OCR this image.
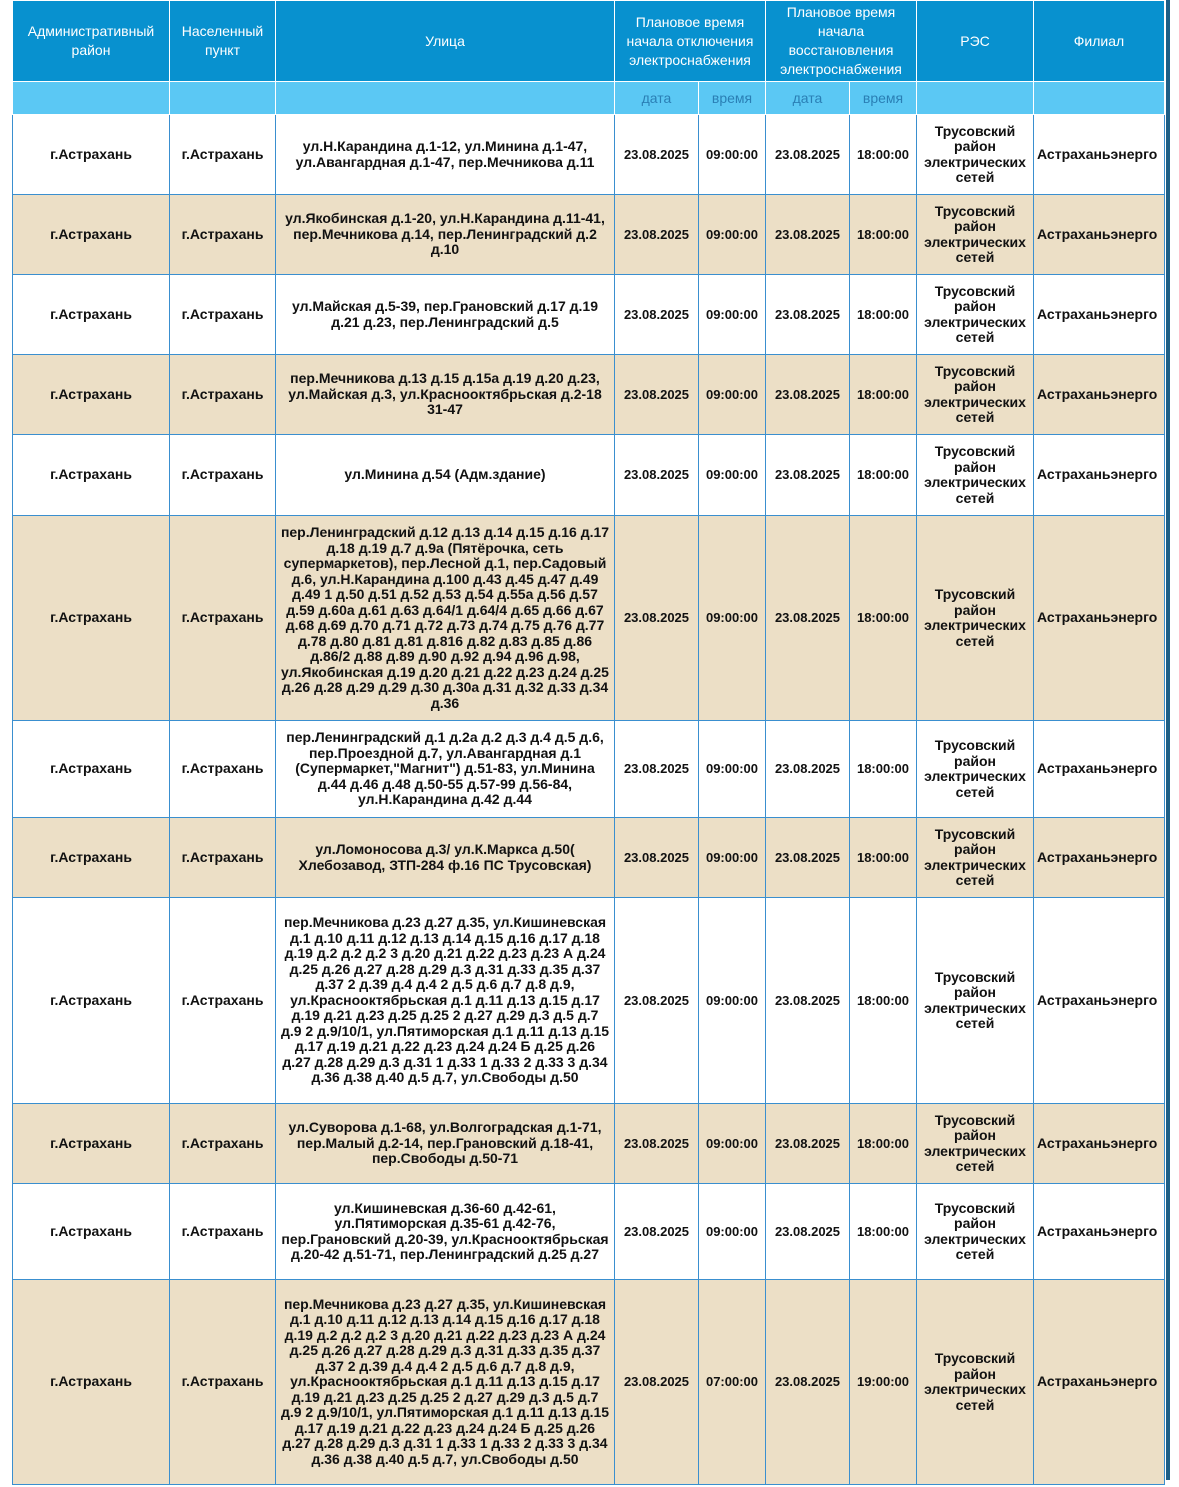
Административный район	Населенный пункт	Улица	Плановое время начала отключения электроснабжения		Плановое время начала восстановления электроснабжения		РЭС	Филиал
			дата	время	дата	время		
г.Астрахань	г.Астрахань	ул.Н.Карандина д.1-12, ул.Минина д.1-47, ул.Авангардная д.1-47, пер.Мечникова д.11	23.08.2025	09:00:00	23.08.2025	18:00:00	Трусовский район электрических сетей	Астраханьэнерго
г.Астрахань	г.Астрахань	ул.Якобинская д.1-20, ул.Н.Карандина д.11-41, пер.Мечникова д.14, пер.Ленинградский д.2 д.10	23.08.2025	09:00:00	23.08.2025	18:00:00	Трусовский район электрических сетей	Астраханьэнерго
г.Астрахань	г.Астрахань	ул.Майская д.5-39, пер.Грановский д.17 д.19 д.21 д.23, пер.Ленинградский д.5	23.08.2025	09:00:00	23.08.2025	18:00:00	Трусовский район электрических сетей	Астраханьэнерго
г.Астрахань	г.Астрахань	пер.Мечникова д.13 д.15 д.15а д.19 д.20 д.23, ул.Майская д.3, ул.Краснооктябрьская д.2-18 31-47	23.08.2025	09:00:00	23.08.2025	18:00:00	Трусовский район электрических сетей	Астраханьэнерго
г.Астрахань	г.Астрахань	ул.Минина д.54 (Адм.здание)	23.08.2025	09:00:00	23.08.2025	18:00:00	Трусовский район электрических сетей	Астраханьэнерго
г.Астрахань	г.Астрахань	пер.Ленинградский д.12 д.13 д.14 д.15 д.16 д.17 д.18 д.19 д.7 д.9а (Пятёрочка, сеть супермаркетов), пер.Лесной д.1, пер.Садовый д.6, ул.Н.Карандина д.100 д.43 д.45 д.47 д.49 д.49 1 д.50 д.51 д.52 д.53 д.54 д.55а д.56 д.57 д.59 д.60а д.61 д.63 д.64/1 д.64/4 д.65 д.66 д.67 д.68 д.69 д.70 д.71 д.72 д.73 д.74 д.75 д.76 д.77 д.78 д.80 д.81 д.81 д.816 д.82 д.83 д.85 д.86 д.86/2 д.88 д.89 д.90 д.92 д.94 д.96 д.98, ул.Якобинская д.19 д.20 д.21 д.22 д.23 д.24 д.25 д.26 д.28 д.29 д.29 д.30 д.30а д.31 д.32 д.33 д.34 д.36	23.08.2025	09:00:00	23.08.2025	18:00:00	Трусовский район электрических сетей	Астраханьэнерго
г.Астрахань	г.Астрахань	пер.Ленинградский д.1 д.2а д.2 д.3 д.4 д.5 д.6, пер.Проездной д.7, ул.Авангардная д.1 (Супермаркет,"Магнит") д.51-83, ул.Минина д.44 д.46 д.48 д.50-55 д.57-99 д.56-84, ул.Н.Карандина д.42 д.44	23.08.2025	09:00:00	23.08.2025	18:00:00	Трусовский район электрических сетей	Астраханьэнерго
г.Астрахань	г.Астрахань	ул.Ломоносова д.3/ ул.К.Маркса д.50( Хлебозавод, ЗТП-284 ф.16 ПС Трусовская)	23.08.2025	09:00:00	23.08.2025	18:00:00	Трусовский район электрических сетей	Астраханьэнерго
г.Астрахань	г.Астрахань	пер.Мечникова д.23 д.27 д.35, ул.Кишиневская д.1 д.10 д.11 д.12 д.13 д.14 д.15 д.16 д.17 д.18 д.19 д.2 д.2 д.2 3 д.20 д.21 д.22 д.23 д.23 А д.24 д.25 д.26 д.27 д.28 д.29 д.3 д.31 д.33 д.35 д.37 д.37 2 д.39 д.4 д.4 2 д.5 д.6 д.7 д.8 д.9, ул.Краснооктябрьская д.1 д.11 д.13 д.15 д.17 д.19 д.21 д.23 д.25 д.25 2 д.27 д.29 д.3 д.5 д.7 д.9 2 д.9/10/1, ул.Пятиморская д.1 д.11 д.13 д.15 д.17 д.19 д.21 д.22 д.23 д.24 д.24 Б д.25 д.26 д.27 д.28 д.29 д.3 д.31 1 д.33 1 д.33 2 д.33 3 д.34 д.36 д.38 д.40 д.5 д.7, ул.Свободы д.50	23.08.2025	09:00:00	23.08.2025	18:00:00	Трусовский район электрических сетей	Астраханьэнерго
г.Астрахань	г.Астрахань	ул.Суворова д.1-68, ул.Волгоградская д.1-71, пер.Малый д.2-14, пер.Грановский д.18-41, пер.Свободы д.50-71	23.08.2025	09:00:00	23.08.2025	18:00:00	Трусовский район электрических сетей	Астраханьэнерго
г.Астрахань	г.Астрахань	ул.Кишиневская д.36-60 д.42-61, ул.Пятиморская д.35-61 д.42-76, пер.Грановский д.20-39, ул.Краснооктябрьская д.20-42 д.51-71, пер.Ленинградский д.25 д.27	23.08.2025	09:00:00	23.08.2025	18:00:00	Трусовский район электрических сетей	Астраханьэнерго
г.Астрахань	г.Астрахань	пер.Мечникова д.23 д.27 д.35, ул.Кишиневская д.1 д.10 д.11 д.12 д.13 д.14 д.15 д.16 д.17 д.18 д.19 д.2 д.2 д.2 3 д.20 д.21 д.22 д.23 д.23 А д.24 д.25 д.26 д.27 д.28 д.29 д.3 д.31 д.33 д.35 д.37 д.37 2 д.39 д.4 д.4 2 д.5 д.6 д.7 д.8 д.9, ул.Краснооктябрьская д.1 д.11 д.13 д.15 д.17 д.19 д.21 д.23 д.25 д.25 2 д.27 д.29 д.3 д.5 д.7 д.9 2 д.9/10/1, ул.Пятиморская д.1 д.11 д.13 д.15 д.17 д.19 д.21 д.22 д.23 д.24 д.24 Б д.25 д.26 д.27 д.28 д.29 д.3 д.31 1 д.33 1 д.33 2 д.33 3 д.34 д.36 д.38 д.40 д.5 д.7, ул.Свободы д.50	23.08.2025	07:00:00	23.08.2025	19:00:00	Трусовский район электрических сетей	Астраханьэнерго
